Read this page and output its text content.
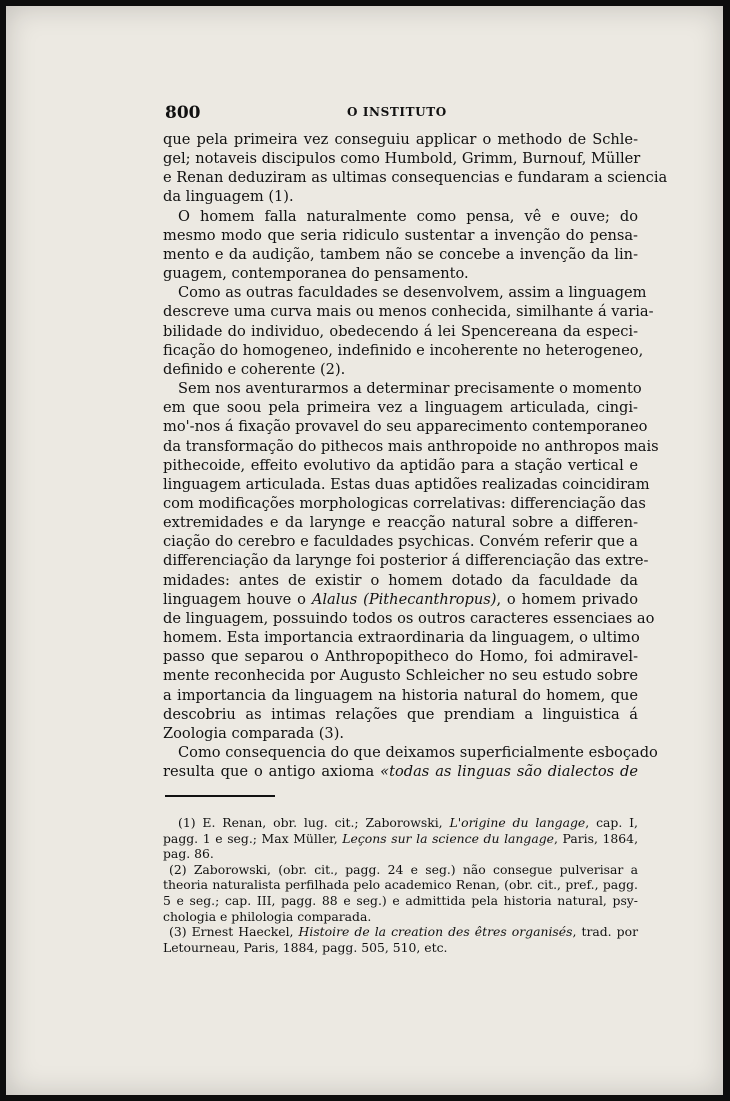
800	O INSTITUTO
que pela primeira vez conseguiu applicar o methodo de Schle-
gel; notaveis discipulos como Humbold, Grimm, Burnouf, Müller
e Renan deduziram as ultimas consequencias e fundaram a sciencia
da linguagem (1).
O homem falla naturalmente como pensa, vê e ouve; do
mesmo modo que seria ridiculo sustentar a invenção do pensa-
mento e da audição, tambem não se concebe a invenção da lin-
guagem, contemporanea do pensamento.
Como as outras faculdades se desenvolvem, assim a linguagem
descreve uma curva mais ou menos conhecida, similhante á varia-
bilidade do individuo, obedecendo á lei Spencereana da especi-
ficação do homogeneo, indefinido e incoherente no heterogeneo,
definido e coherente (2).
Sem nos aventurarmos a determinar precisamente o momento
em que soou pela primeira vez a linguagem articulada, cingi-
mo'-nos á fixação provavel do seu apparecimento contemporaneo
da transformação do pithecos mais anthropoide no anthropos mais
pithecoide, effeito evolutivo da aptidão para a stação vertical e
linguagem articulada. Estas duas aptidões realizadas coincidiram
com modificações morphologicas correlativas: differenciação das
extremidades e da larynge e reacção natural sobre a differen-
ciação do cerebro e faculdades psychicas. Convém referir que a
differenciação da larynge foi posterior á differenciação das extre-
midades: antes de existir o homem dotado da faculdade da
linguagem houve o Alalus (Pithecanthropus), o homem privado
de linguagem, possuindo todos os outros caracteres essenciaes ao
homem. Esta importancia extraordinaria da linguagem, o ultimo
passo que separou o Anthropopitheco do Homo, foi admiravel-
mente reconhecida por Augusto Schleicher no seu estudo sobre
a importancia da linguagem na historia natural do homem, que
descobriu as intimas relações que prendiam a linguistica á
Zoologia comparada (3).
Como consequencia do que deixamos superficialmente esboçado
resulta que o antigo axioma «todas as linguas são dialectos de
(1) E. Renan, obr. lug. cit.; Zaborowski, L'origine du langage, cap. I,
pagg. 1 e seg.; Max Müller, Leçons sur la science du langage, Paris, 1864,
pag. 86.
(2) Zaborowski, (obr. cit., pagg. 24 e seg.) não consegue pulverisar a
theoria naturalista perfilhada pelo academico Renan, (obr. cit., pref., pagg.
5 e seg.; cap. III, pagg. 88 e seg.) e admittida pela historia natural, psy-
chologia e philologia comparada.
(3) Ernest Haeckel, Histoire de la creation des êtres organisés, trad. por
Letourneau, Paris, 1884, pagg. 505, 510, etc.
